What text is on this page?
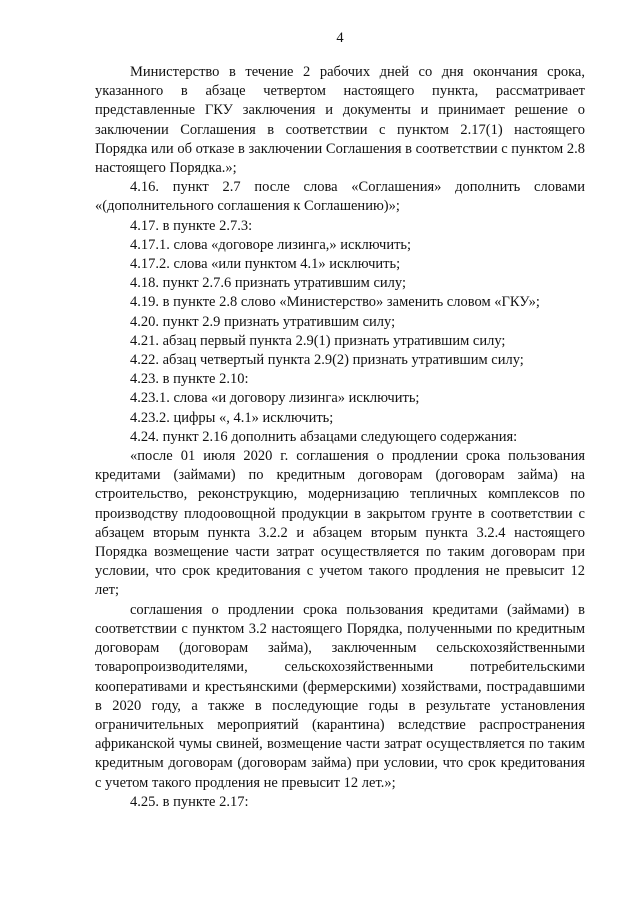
4

Министерство в течение 2 рабочих дней со дня окончания срока, указанного в абзаце четвертом настоящего пункта, рассматривает представленные ГКУ заключения и документы и принимает решение о заключении Соглашения в соответствии с пунктом 2.17(1) настоящего Порядка или об отказе в заключении Соглашения в соответствии с пунктом 2.8 настоящего Порядка.»;

4.16. пункт 2.7 после слова «Соглашения» дополнить словами «(дополнительного соглашения к Соглашению)»;

4.17. в пункте 2.7.3:

4.17.1. слова «договоре лизинга,» исключить;

4.17.2. слова «или пунктом 4.1» исключить;

4.18. пункт 2.7.6 признать утратившим силу;

4.19. в пункте 2.8 слово «Министерство» заменить словом «ГКУ»;

4.20. пункт 2.9 признать утратившим силу;

4.21. абзац первый пункта 2.9(1) признать утратившим силу;

4.22. абзац четвертый пункта 2.9(2) признать утратившим силу;

4.23. в пункте 2.10:

4.23.1. слова «и договору лизинга» исключить;

4.23.2. цифры «, 4.1» исключить;

4.24. пункт 2.16 дополнить абзацами следующего содержания:

«после 01 июля 2020 г. соглашения о продлении срока пользования кредитами (займами) по кредитным договорам (договорам займа) на строительство, реконструкцию, модернизацию тепличных комплексов по производству плодоовощной продукции в закрытом грунте в соответствии с абзацем вторым пункта 3.2.2 и абзацем вторым пункта 3.2.4 настоящего Порядка возмещение части затрат осуществляется по таким договорам при условии, что срок кредитования с учетом такого продления не превысит 12 лет;

соглашения о продлении срока пользования кредитами (займами) в соответствии с пунктом 3.2 настоящего Порядка, полученными по кредитным договорам (договорам займа), заключенным сельскохозяйственными товаропроизводителями, сельскохозяйственными потребительскими кооперативами и крестьянскими (фермерскими) хозяйствами, пострадавшими в 2020 году, а также в последующие годы в результате установления ограничительных мероприятий (карантина) вследствие распространения африканской чумы свиней, возмещение части затрат осуществляется по таким кредитным договорам (договорам займа) при условии, что срок кредитования с учетом такого продления не превысит 12 лет.»;

4.25. в пункте 2.17:
